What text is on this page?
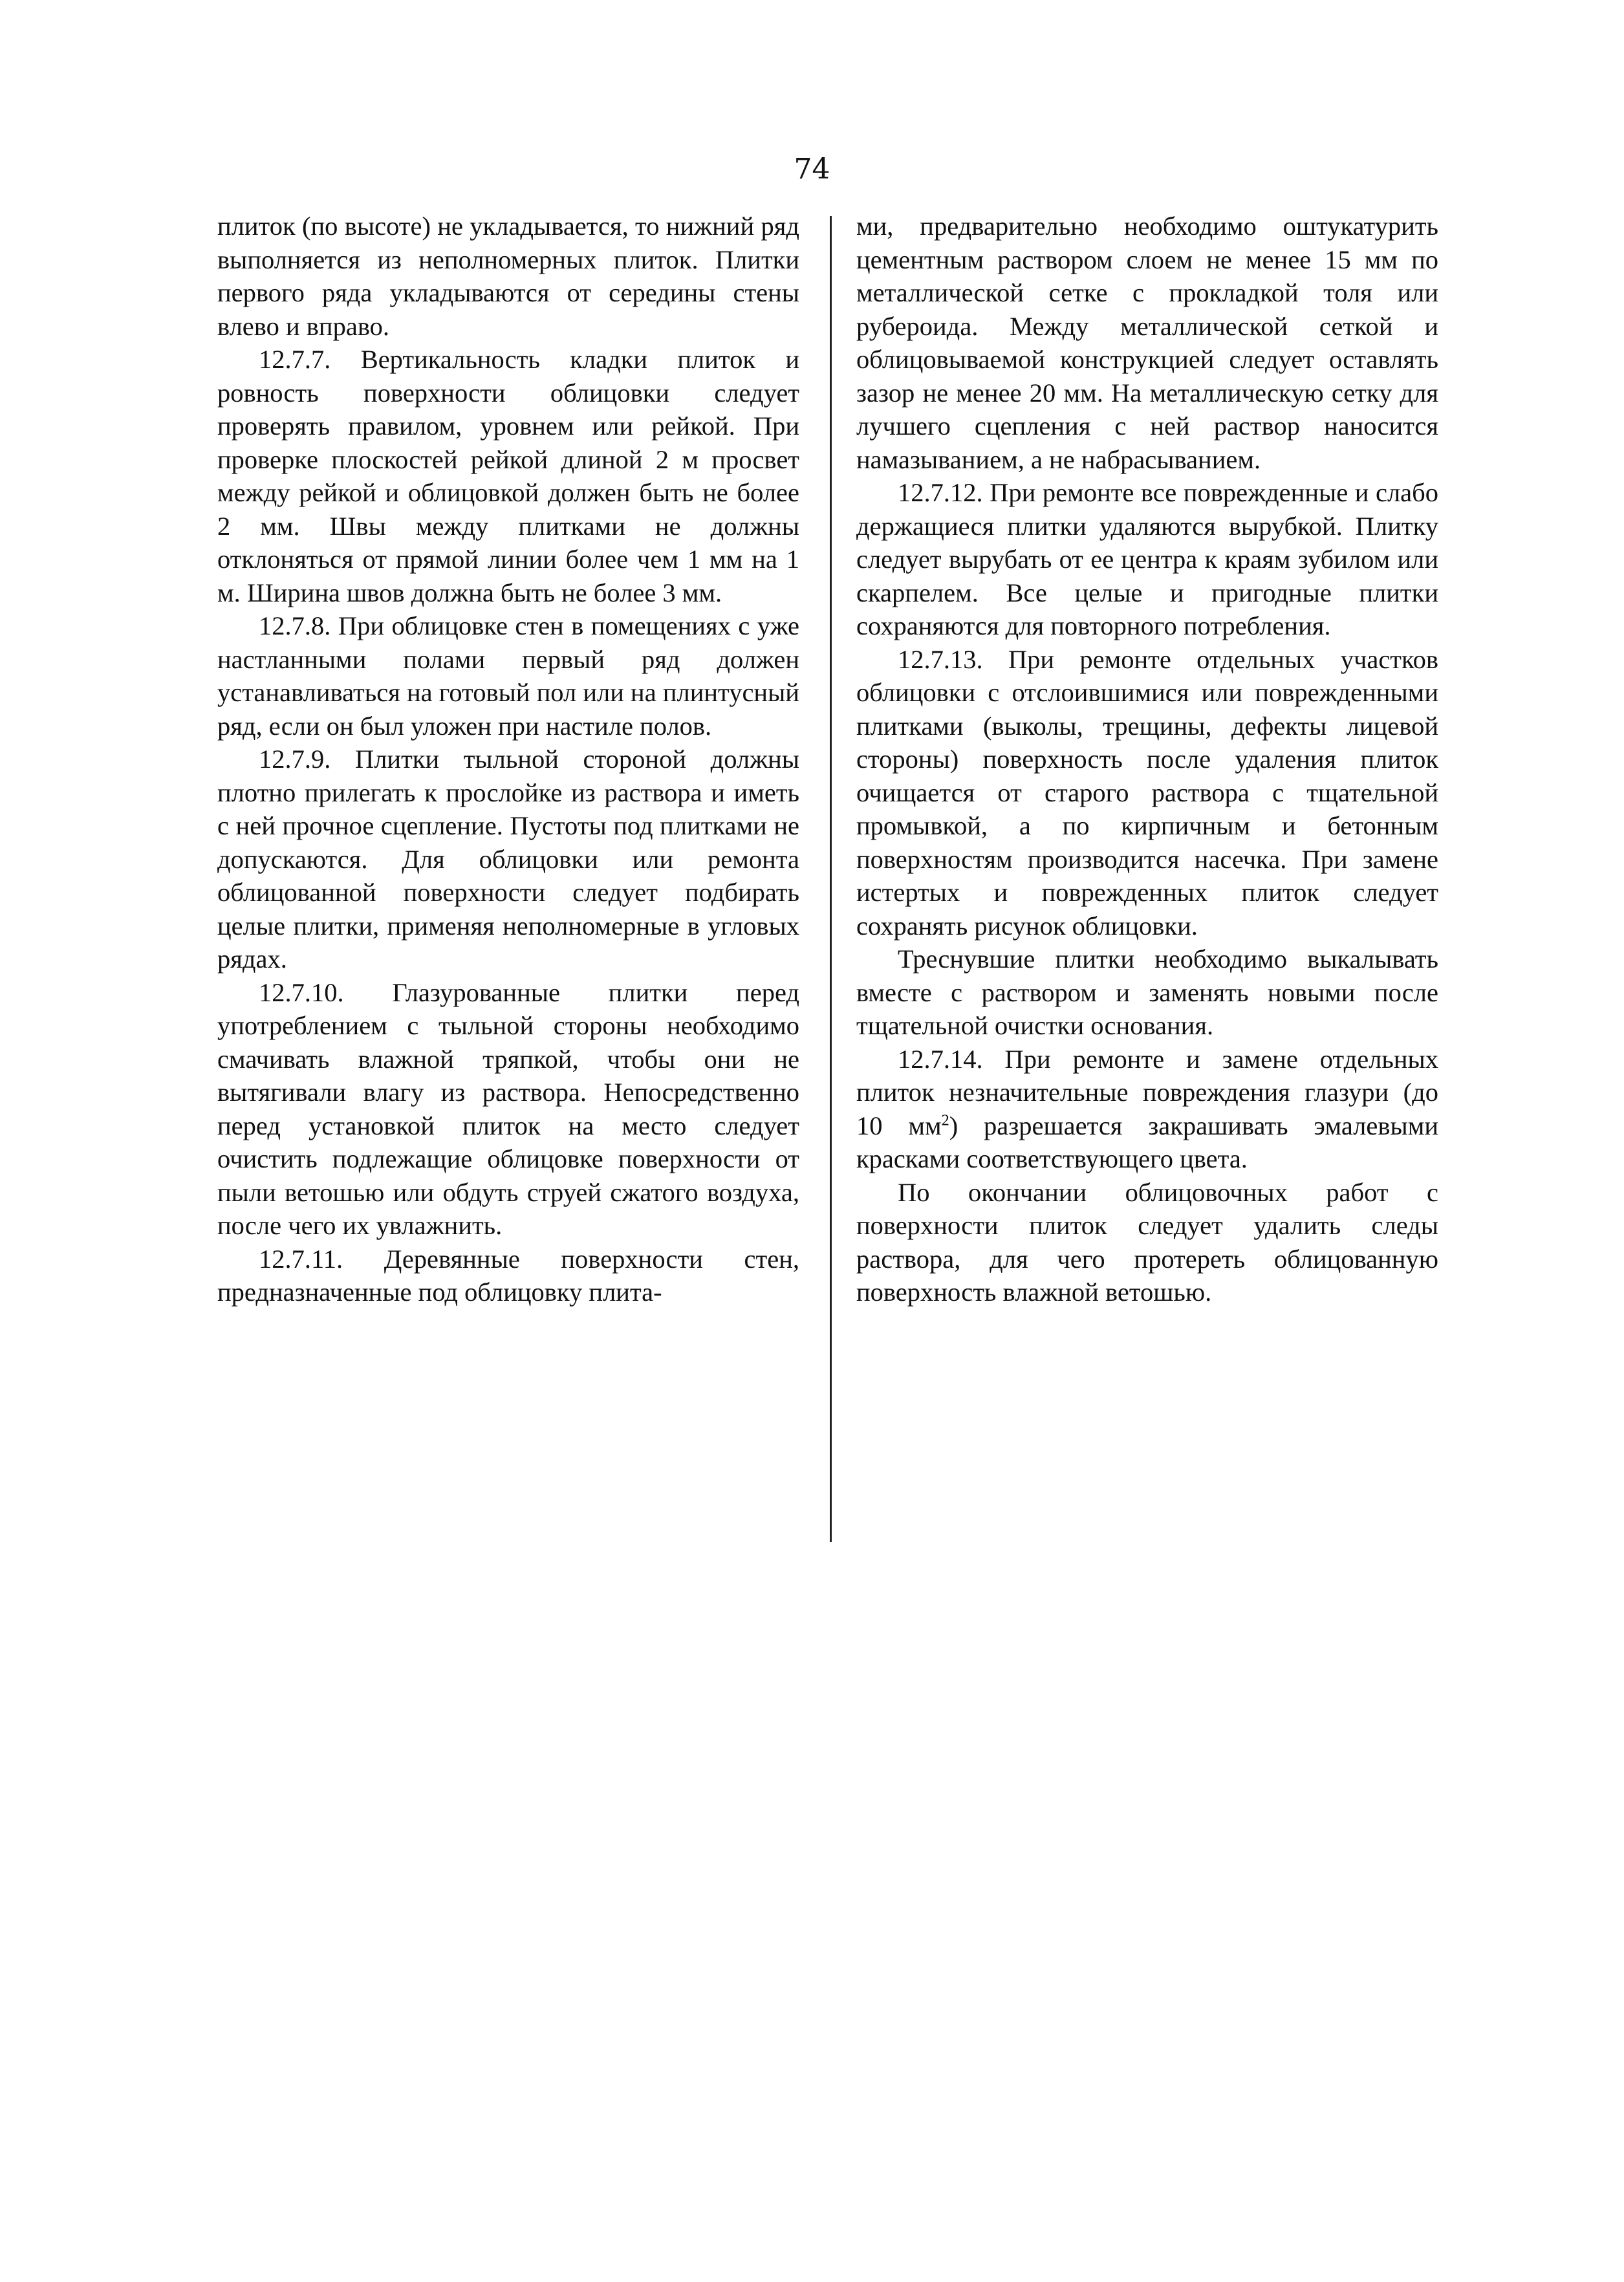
74

плиток (по высоте) не укладывается, то нижний ряд выполняется из неполномерных плиток. Плитки первого ряда укладываются от середины стены влево и вправо.

12.7.7. Вертикальность кладки плиток и ровность поверхности облицовки следует проверять правилом, уровнем или рейкой. При проверке плоскостей рейкой длиной 2 м просвет между рейкой и облицовкой должен быть не более 2 мм. Швы между плитками не должны отклоняться от прямой линии более чем 1 мм на 1 м. Ширина швов должна быть не более 3 мм.

12.7.8. При облицовке стен в помещениях с уже настланными полами первый ряд должен устанавливаться на готовый пол или на плинтусный ряд, если он был уложен при настиле полов.

12.7.9. Плитки тыльной стороной должны плотно прилегать к прослойке из раствора и иметь с ней прочное сцепление. Пустоты под плитками не допускаются. Для облицовки или ремонта облицованной поверхности следует подбирать целые плитки, применяя неполномерные в угловых рядах.

12.7.10. Глазурованные плитки перед употреблением с тыльной стороны необходимо смачивать влажной тряпкой, чтобы они не вытягивали влагу из раствора. Непосредственно перед установкой плиток на место следует очистить подлежащие облицовке поверхности от пыли ветошью или обдуть струей сжатого воздуха, после чего их увлажнить.

12.7.11. Деревянные поверхности стен, предназначенные под облицовку плита-

ми, предварительно необходимо оштукатурить цементным раствором слоем не менее 15 мм по металлической сетке с прокладкой толя или рубероида. Между металлической сеткой и облицовываемой конструкцией следует оставлять зазор не менее 20 мм. На металлическую сетку для лучшего сцепления с ней раствор наносится намазыванием, а не набрасыванием.

12.7.12. При ремонте все поврежденные и слабо держащиеся плитки удаляются вырубкой. Плитку следует вырубать от ее центра к краям зубилом или скарпелем. Все целые и пригодные плитки сохраняются для повторного потребления.

12.7.13. При ремонте отдельных участков облицовки с отслоившимися или поврежденными плитками (выколы, трещины, дефекты лицевой стороны) поверхность после удаления плиток очищается от старого раствора с тщательной промывкой, а по кирпичным и бетонным поверхностям производится насечка. При замене истертых и поврежденных плиток следует сохранять рисунок облицовки.

Треснувшие плитки необходимо выкалывать вместе с раствором и заменять новыми после тщательной очистки основания.

12.7.14. При ремонте и замене отдельных плиток незначительные повреждения глазури (до 10 $мм^2$) разрешается закрашивать эмалевыми красками соответствующего цвета.

По окончании облицовочных работ с поверхности плиток следует удалить следы раствора, для чего протереть облицованную поверхность влажной ветошью.
